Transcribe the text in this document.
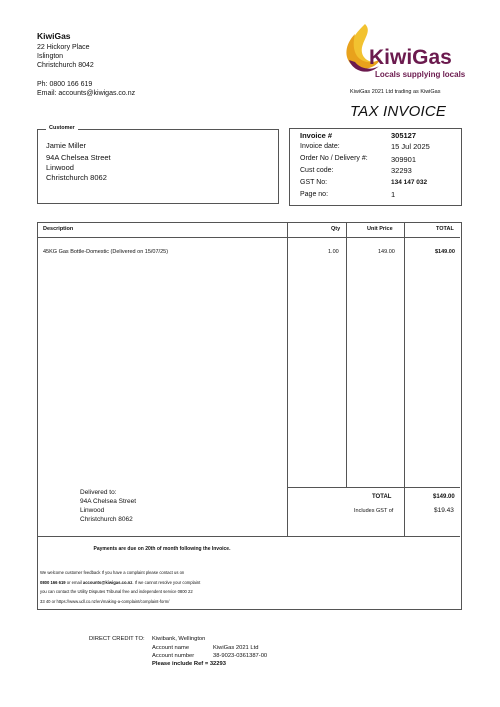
KiwiGas
22 Hickory Place
Islington
Christchurch 8042
Ph: 0800 166 619
Email: accounts@kiwigas.co.nz
KiwiGas
Locals supplying locals
KiwiGas 2021 Ltd trading as KiwiGas
TAX INVOICE
Customer
Jamie Miller
94A Chelsea Street
Linwood
Christchurch 8062
Invoice #	305127
Invoice date:	15 Jul 2025
Order No / Delivery #:	309901
Cust code:	32293
GST No:	134 147 032
Page no:	1
Description	Qty	Unit Price	TOTAL
45KG Gas Bottle-Domestic (Delivered on 15/07/25)	1.00	149.00	$149.00
Delivered to:
94A Chelsea Street
Linwood
Christchurch 8062
TOTAL	$149.00
Includes GST of	$19.43
Payments are due on 20th of month following the Invoice.
We welcome customer feedback If you have a complaint please contact us on
0800 166 619 or email accounts@kiwigas.co.nz. If we cannot resolve your complaint
you can contact the Utility Disputes Tribunal free and independent service 0800 22
33 40 or https://www.udl.co.nz/en/making-a-complaint/complaint-form/
DIRECT CREDIT TO: Kiwibank, Wellington
Account name	KiwiGas 2021 Ltd
Account number	38-9023-0361387-00
Please include Ref = 32293
